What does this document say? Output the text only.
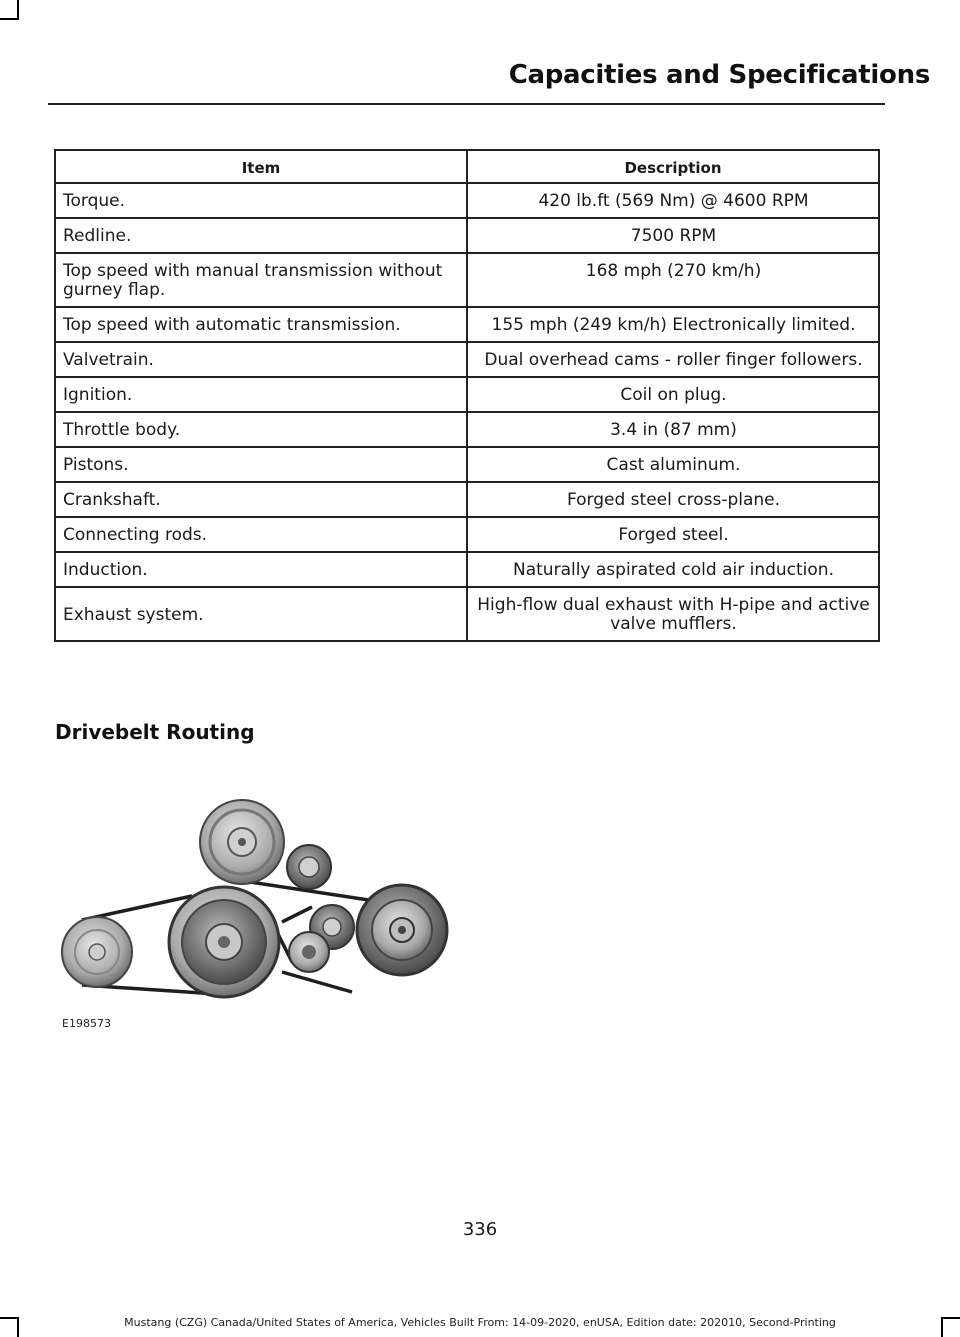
Capacities and Specifications
Item	Description
Torque.	420 lb.ft (569 Nm) @ 4600 RPM
Redline.	7500 RPM
Top speed with manual transmission without gurney flap.	168 mph (270 km/h)
Top speed with automatic transmission.	155 mph (249 km/h) Electronically limited.
Valvetrain.	Dual overhead cams - roller finger followers.
Ignition.	Coil on plug.
Throttle body.	3.4 in (87 mm)
Pistons.	Cast aluminum.
Crankshaft.	Forged steel cross-plane.
Connecting rods.	Forged steel.
Induction.	Naturally aspirated cold air induction.
Exhaust system.	High-flow dual exhaust with H-pipe and active valve mufflers.
Drivebelt Routing
E198573
336
Mustang (CZG) Canada/United States of America, Vehicles Built From: 14-09-2020, enUSA, Edition date: 202010, Second-Printing
